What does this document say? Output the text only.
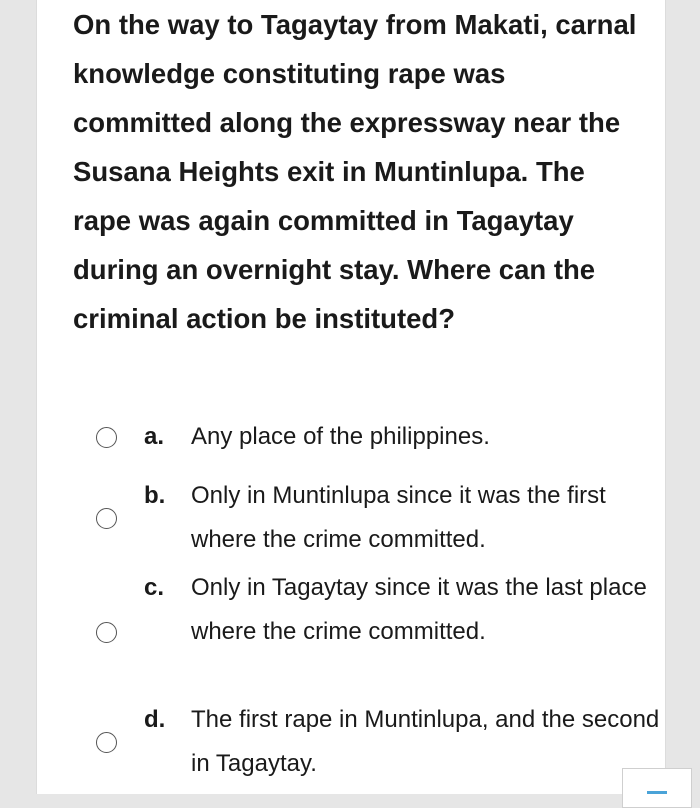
On the way to Tagaytay from Makati, carnal knowledge constituting rape was committed along the expressway near the Susana Heights exit in Muntinlupa. The rape was again committed in Tagaytay during an overnight stay. Where can the criminal action be instituted?

a. Any place of the philippines.
b. Only in Muntinlupa since it was the first where the crime committed.
c. Only in Tagaytay since it was the last place where the crime committed.
d. The first rape in Muntinlupa, and the second in Tagaytay.
